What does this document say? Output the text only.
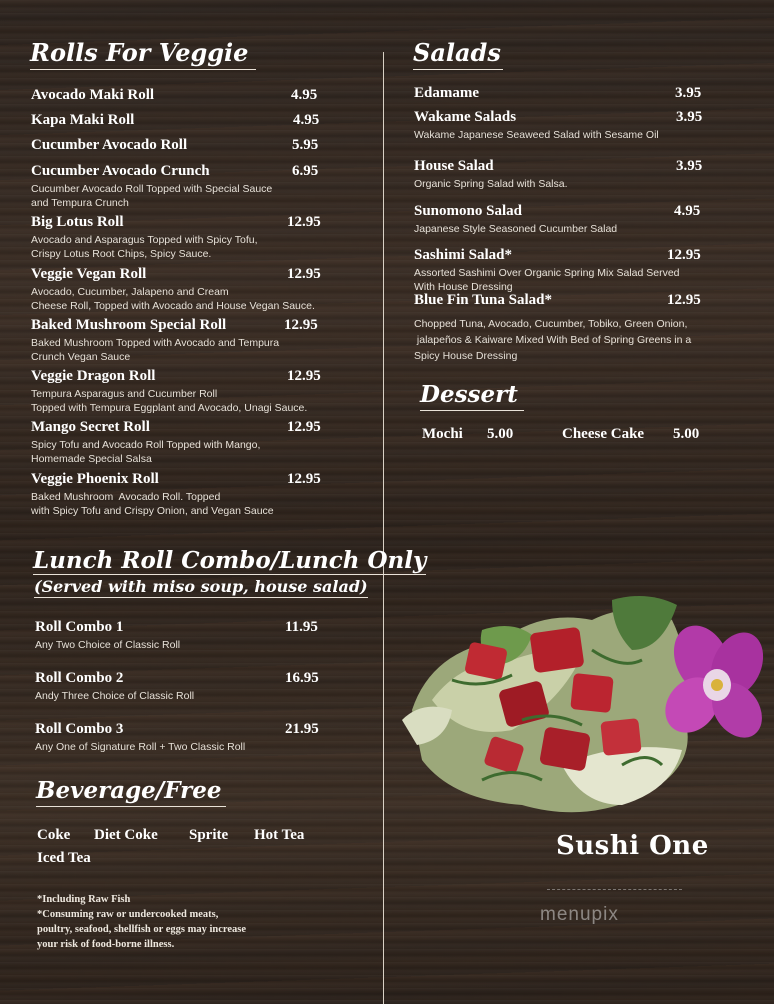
Rolls For Veggie
Avocado Maki Roll	4.95
Kapa Maki Roll	4.95
Cucumber Avocado Roll	5.95
Cucumber Avocado Crunch	6.95
Cucumber Avocado Roll Topped with Special Sauce
and Tempura Crunch
Big Lotus Roll	12.95
Avocado and Asparagus Topped with Spicy Tofu,
Crispy Lotus Root Chips, Spicy Sauce.
Veggie Vegan Roll	12.95
Avocado, Cucumber, Jalapeno and Cream
Cheese Roll, Topped with Avocado and House Vegan Sauce.
Baked Mushroom Special Roll	12.95
Baked Mushroom Topped with Avocado and Tempura
Crunch Vegan Sauce
Veggie Dragon Roll	12.95
Tempura Asparagus and Cucumber Roll
Topped with Tempura Eggplant and Avocado, Unagi Sauce.
Mango Secret Roll	12.95
Spicy Tofu and Avocado Roll Topped with Mango,
Homemade Special Salsa
Veggie Phoenix Roll	12.95
Baked Mushroom  Avocado Roll. Topped
with Spicy Tofu and Crispy Onion, and Vegan Sauce
Lunch Roll Combo/Lunch Only
(Served with miso soup, house salad)
Roll Combo 1	11.95
Any Two Choice of Classic Roll
Roll Combo 2	16.95
Andy Three Choice of Classic Roll
Roll Combo 3	21.95
Any One of Signature Roll + Two Classic Roll
Beverage/Free
Coke Diet Coke Sprite Hot Tea
Iced Tea
*Including Raw Fish
*Consuming raw or undercooked meats,
poultry, seafood, shellfish or eggs may increase
your risk of food-borne illness.
Salads
Edamame	3.95
Wakame Salads	3.95
Wakame Japanese Seaweed Salad with Sesame Oil
House Salad	3.95
Organic Spring Salad with Salsa.
Sunomono Salad	4.95
Japanese Style Seasoned Cucumber Salad
Sashimi Salad*	12.95
Assorted Sashimi Over Organic Spring Mix Salad Served
With House Dressing
Blue Fin Tuna Salad*	12.95
Chopped Tuna, Avocado, Cucumber, Tobiko, Green Onion,
jalapeños & Kaiware Mixed With Bed of Spring Greens in a
Spicy House Dressing
Dessert
Mochi 5.00	Cheese Cake 5.00
Sushi One
menupix
